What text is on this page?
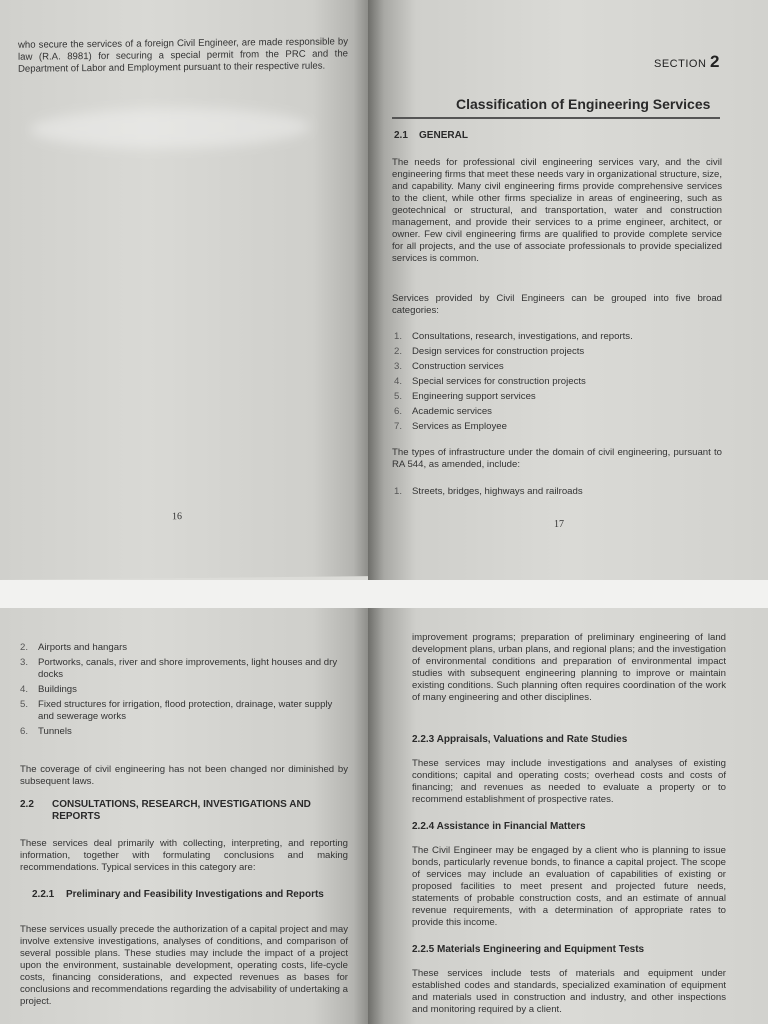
who secure the services of a foreign Civil Engineer, are made responsible by law (R.A. 8981) for securing a special permit from the PRC and the Department of Labor and Employment pursuant to their respective rules.
16
SECTION 2
Classification of Engineering Services
2.1 GENERAL
The needs for professional civil engineering services vary, and the civil engineering firms that meet these needs vary in organizational structure, size, and capability. Many civil engineering firms provide comprehensive services to the client, while other firms specialize in areas of engineering, such as geotechnical or structural, and transportation, water and construction management, and provide their services to a prime engineer, architect, or owner. Few civil engineering firms are qualified to provide complete service for all projects, and the use of associate professionals to provide specialized services is common.
Services provided by Civil Engineers can be grouped into five broad categories:
1. Consultations, research, investigations, and reports.
2. Design services for construction projects
3. Construction services
4. Special services for construction projects
5. Engineering support services
6. Academic services
7. Services as Employee
The types of infrastructure under the domain of civil engineering, pursuant to RA 544, as amended, include:
1. Streets, bridges, highways and railroads
17
2. Airports and hangars
3. Portworks, canals, river and shore improvements, light houses and dry docks
4. Buildings
5. Fixed structures for irrigation, flood protection, drainage, water supply and sewerage works
6. Tunnels
The coverage of civil engineering has not been changed nor diminished by subsequent laws.
2.2	CONSULTATIONS, RESEARCH, INVESTIGATIONS AND REPORTS
These services deal primarily with collecting, interpreting, and reporting information, together with formulating conclusions and making recommendations. Typical services in this category are:
2.2.1	Preliminary and Feasibility Investigations and Reports
These services usually precede the authorization of a capital project and may involve extensive investigations, analyses of conditions, and comparison of several possible plans. These studies may include the impact of a project upon the environment, sustainable development, operating costs, life-cycle costs, financing considerations, and expected revenues as bases for conclusions and recommendations regarding the advisability of undertaking a project.
improvement programs; preparation of preliminary engineering of land development plans, urban plans, and regional plans; and the investigation of environmental conditions and preparation of environmental impact studies with subsequent engineering planning to improve or maintain existing conditions. Such planning often requires coordination of the work of many engineering and other disciplines.
2.2.3 Appraisals, Valuations and Rate Studies
These services may include investigations and analyses of existing conditions; capital and operating costs; overhead costs and costs of financing; and revenues as needed to evaluate a property or to recommend establishment of prospective rates.
2.2.4 Assistance in Financial Matters
The Civil Engineer may be engaged by a client who is planning to issue bonds, particularly revenue bonds, to finance a capital project. The scope of services may include an evaluation of capabilities of existing or proposed facilities to meet present and projected future needs, statements of probable construction costs, and an estimate of annual revenue requirements, with a determination of appropriate rates to provide this income.
2.2.5 Materials Engineering and Equipment Tests
These services include tests of materials and equipment under established codes and standards, specialized examination of equipment and materials used in construction and industry, and other inspections and monitoring required by a client.
